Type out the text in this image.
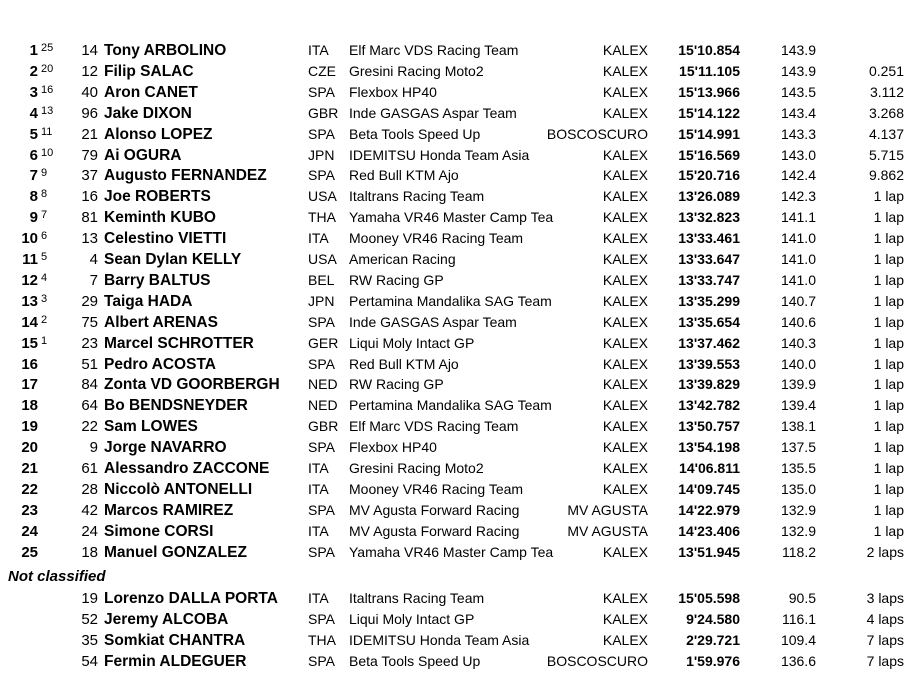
1 25	14 Tony ARBOLINO	ITA Elf Marc VDS Racing Team	KALEX	15'10.854	143.9
2 20	12 Filip SALAC	CZE Gresini Racing Moto2	KALEX	15'11.105	143.9	0.251
3 16	40 Aron CANET	SPA Flexbox HP40	KALEX	15'13.966	143.5	3.112
4 13	96 Jake DIXON	GBR Inde GASGAS Aspar Team	KALEX	15'14.122	143.4	3.268
5 11	21 Alonso LOPEZ	SPA Beta Tools Speed Up	BOSCOSCURO	15'14.991	143.3	4.137
6 10	79 Ai OGURA	JPN IDEMITSU Honda Team Asia	KALEX	15'16.569	143.0	5.715
7 9	37 Augusto FERNANDEZ	SPA Red Bull KTM Ajo	KALEX	15'20.716	142.4	9.862
8 8	16 Joe ROBERTS	USA Italtrans Racing Team	KALEX	13'26.089	142.3	1 lap
9 7	81 Keminth KUBO	THA Yamaha VR46 Master Camp Tea	KALEX	13'32.823	141.1	1 lap
10 6	13 Celestino VIETTI	ITA Mooney VR46 Racing Team	KALEX	13'33.461	141.0	1 lap
11 5	4 Sean Dylan KELLY	USA American Racing	KALEX	13'33.647	141.0	1 lap
12 4	7 Barry BALTUS	BEL RW Racing GP	KALEX	13'33.747	141.0	1 lap
13 3	29 Taiga HADA	JPN Pertamina Mandalika SAG Team	KALEX	13'35.299	140.7	1 lap
14 2	75 Albert ARENAS	SPA Inde GASGAS Aspar Team	KALEX	13'35.654	140.6	1 lap
15 1	23 Marcel SCHROTTER	GER Liqui Moly Intact GP	KALEX	13'37.462	140.3	1 lap
16	51 Pedro ACOSTA	SPA Red Bull KTM Ajo	KALEX	13'39.553	140.0	1 lap
17	84 Zonta VD GOORBERGH NED RW Racing GP	KALEX	13'39.829	139.9	1 lap
18	64 Bo BENDSNEYDER	NED Pertamina Mandalika SAG Team	KALEX	13'42.782	139.4	1 lap
19	22 Sam LOWES	GBR Elf Marc VDS Racing Team	KALEX	13'50.757	138.1	1 lap
20	9 Jorge NAVARRO	SPA Flexbox HP40	KALEX	13'54.198	137.5	1 lap
21	61 Alessandro ZACCONE	ITA Gresini Racing Moto2	KALEX	14'06.811	135.5	1 lap
22	28 Niccolò ANTONELLI	ITA Mooney VR46 Racing Team	KALEX	14'09.745	135.0	1 lap
23	42 Marcos RAMIREZ	SPA MV Agusta Forward Racing	MV AGUSTA	14'22.979	132.9	1 lap
24	24 Simone CORSI	ITA MV Agusta Forward Racing	MV AGUSTA	14'23.406	132.9	1 lap
25	18 Manuel GONZALEZ	SPA Yamaha VR46 Master Camp Tea	KALEX	13'51.945	118.2	2 laps
Not classified
19 Lorenzo DALLA PORTA ITA Italtrans Racing Team	KALEX	15'05.598	90.5	3 laps
52 Jeremy ALCOBA	SPA Liqui Moly Intact GP	KALEX	9'24.580	116.1	4 laps
35 Somkiat CHANTRA	THA IDEMITSU Honda Team Asia	KALEX	2'29.721	109.4	7 laps
54 Fermin ALDEGUER	SPA Beta Tools Speed Up	BOSCOSCURO	1'59.976	136.6	7 laps
